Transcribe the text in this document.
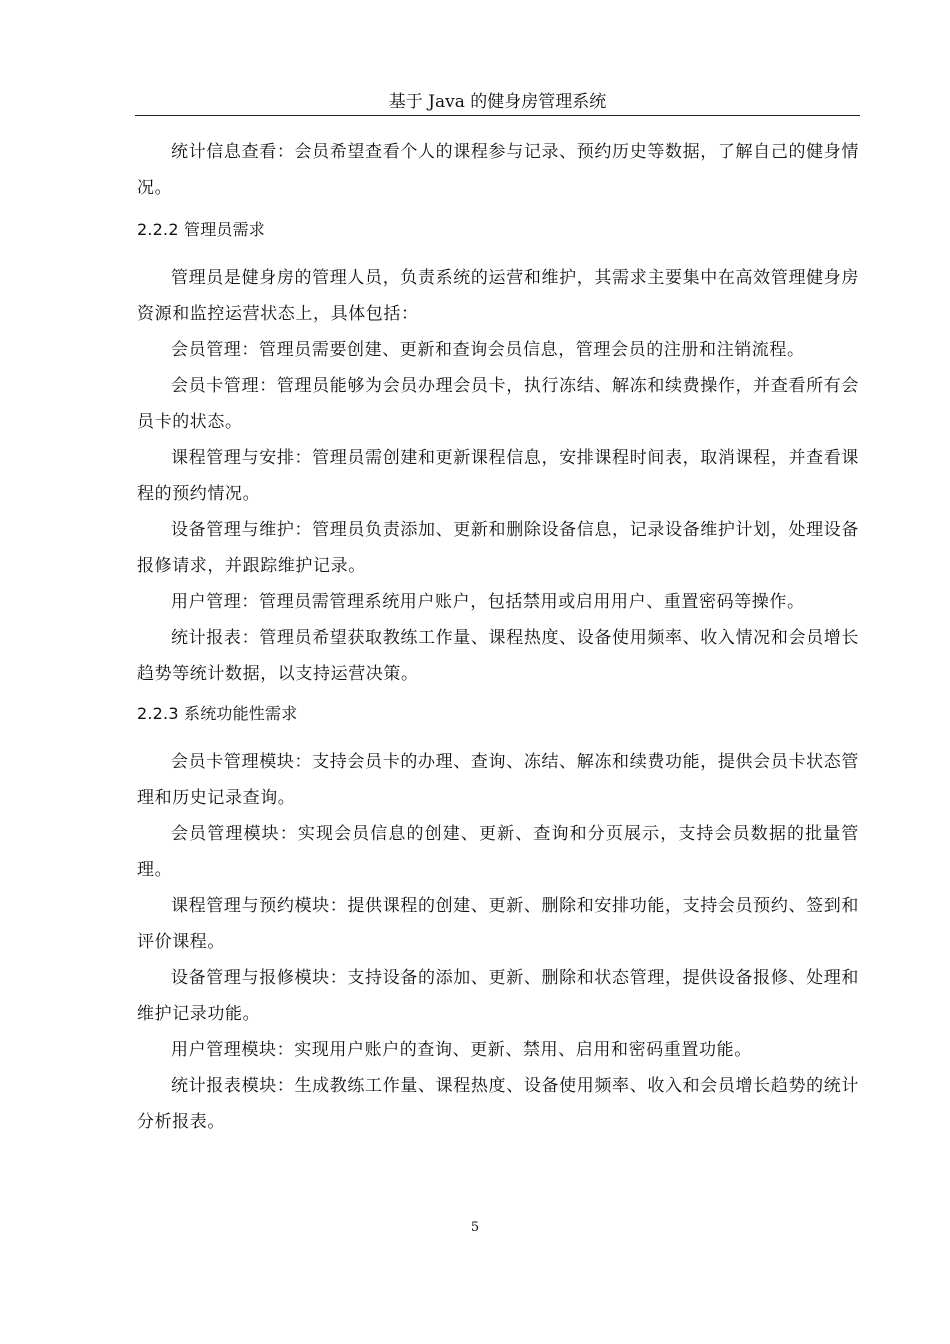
基于 Java 的健身房管理系统

统计信息查看：会员希望查看个人的课程参与记录、预约历史等数据，了解自己的健身情况。

2.2.2 管理员需求

管理员是健身房的管理人员，负责系统的运营和维护，其需求主要集中在高效管理健身房资源和监控运营状态上，具体包括：

会员管理：管理员需要创建、更新和查询会员信息，管理会员的注册和注销流程。

会员卡管理：管理员能够为会员办理会员卡，执行冻结、解冻和续费操作，并查看所有会员卡的状态。

课程管理与安排：管理员需创建和更新课程信息，安排课程时间表，取消课程，并查看课程的预约情况。

设备管理与维护：管理员负责添加、更新和删除设备信息，记录设备维护计划，处理设备报修请求，并跟踪维护记录。

用户管理：管理员需管理系统用户账户，包括禁用或启用用户、重置密码等操作。

统计报表：管理员希望获取教练工作量、课程热度、设备使用频率、收入情况和会员增长趋势等统计数据，以支持运营决策。

2.2.3 系统功能性需求

会员卡管理模块：支持会员卡的办理、查询、冻结、解冻和续费功能，提供会员卡状态管理和历史记录查询。

会员管理模块：实现会员信息的创建、更新、查询和分页展示，支持会员数据的批量管理。

课程管理与预约模块：提供课程的创建、更新、删除和安排功能，支持会员预约、签到和评价课程。

设备管理与报修模块：支持设备的添加、更新、删除和状态管理，提供设备报修、处理和维护记录功能。

用户管理模块：实现用户账户的查询、更新、禁用、启用和密码重置功能。

统计报表模块：生成教练工作量、课程热度、设备使用频率、收入和会员增长趋势的统计分析报表。

5
